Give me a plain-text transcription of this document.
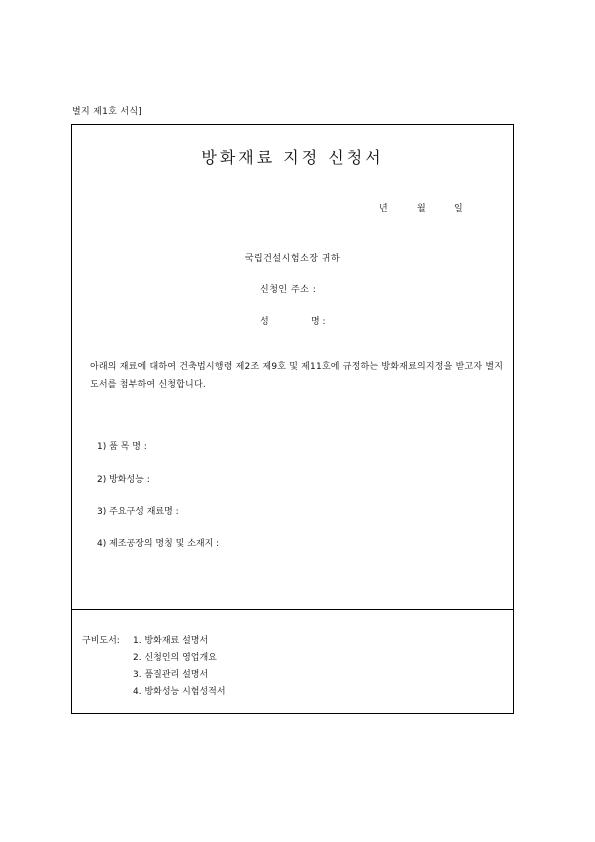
별지 제1호 서식]
방화재료 지정 신청서
년	월	일
국립건설시험소장 귀하
신청인 주소 :
성	명 :
아래의 재료에 대하여 건축법시행령 제2조 제9호 및 제11호에 규정하는 방화재료의지정을 받고자 별지도서를 첨부하여 신청합니다.
1) 품 목 명 :
2) 방화성능 :
3) 주요구성 재료명 :
4) 제조공장의 명칭 및 소재지 :
구비도서: 1. 방화재료 설명서
2. 신청인의 영업개요
3. 품질관리 설명서
4. 방화성능 시험성적서
